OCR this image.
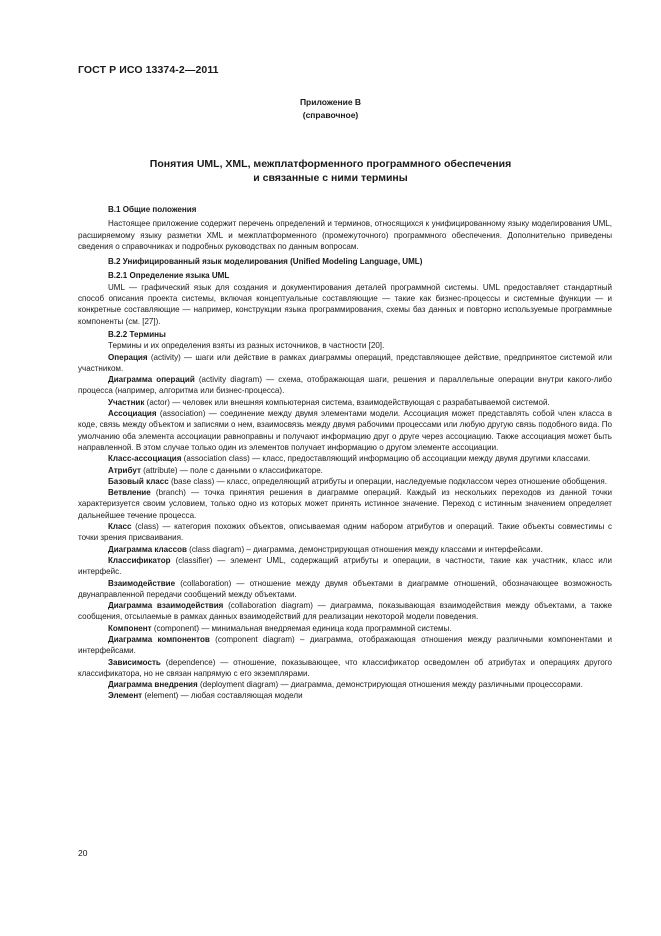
ГОСТ Р ИСО 13374-2—2011
Приложение В
(справочное)
Понятия UML, XML, межплатформенного программного обеспечения
и связанные с ними термины

В.1 Общие положения

Настоящее приложение содержит перечень определений и терминов, относящихся к унифицированному языку моделирования UML, расширяемому языку разметки XML и межплатформенного (промежуточного) программного обеспечения. Дополнительно приведены сведения о справочниках и подробных руководствах по данным вопросам.

В.2 Унифицированный язык моделирования (Unified Modeling Language, UML)

В.2.1 Определение языка UML

UML — графический язык для создания и документирования деталей программной системы. UML предоставляет стандартный способ описания проекта системы, включая концептуальные составляющие — такие как бизнес-процессы и системные функции — и конкретные составляющие — например, конструкции языка программирования, схемы баз данных и повторно используемые программные компоненты (см. [27]).

В.2.2 Термины

Термины и их определения взяты из разных источников, в частности [20].

Операция (activity) — шаги или действие в рамках диаграммы операций, представляющее действие, предпринятое системой или участником.

Диаграмма операций (activity diagram) — схема, отображающая шаги, решения и параллельные операции внутри какого-либо процесса (например, алгоритма или бизнес-процесса).

Участник (actor) — человек или внешняя компьютерная система, взаимодействующая с разрабатываемой системой.

Ассоциация (association) — соединение между двумя элементами модели. Ассоциация может представлять собой член класса в коде, связь между объектом и записями о нем, взаимосвязь между двумя рабочими процессами или любую другую связь подобного вида. По умолчанию оба элемента ассоциации равноправны и получают информацию друг о друге через ассоциацию. Также ассоциация может быть направленной. В этом случае только один из элементов получает информацию о другом элементе ассоциации.

Класс-ассоциация (association class) — класс, предоставляющий информацию об ассоциации между двумя другими классами.

Атрибут (attribute) — поле с данными о классификаторе.

Базовый класс (base class) — класс, определяющий атрибуты и операции, наследуемые подклассом через отношение обобщения.

Ветвление (branch) — точка принятия решения в диаграмме операций. Каждый из нескольких переходов из данной точки характеризуется своим условием, только одно из которых может принять истинное значение. Переход с истинным значением определяет дальнейшее течение процесса.

Класс (class) — категория похожих объектов, описываемая одним набором атрибутов и операций. Такие объекты совместимы с точки зрения присваивания.

Диаграмма классов (class diagram) – диаграмма, демонстрирующая отношения между классами и интерфейсами.

Классификатор (classifier) — элемент UML, содержащий атрибуты и операции, в частности, такие как участник, класс или интерфейс.

Взаимодействие (collaboration) — отношение между двумя объектами в диаграмме отношений, обозначающее возможность двунаправленной передачи сообщений между объектами.

Диаграмма взаимодействия (collaboration diagram) — диаграмма, показывающая взаимодействия между объектами, а также сообщения, отсылаемые в рамках данных взаимодействий для реализации некоторой модели поведения.

Компонент (component) — минимальная внедряемая единица кода программной системы.

Диаграмма компонентов (component diagram) – диаграмма, отображающая отношения между различными компонентами и интерфейсами.

Зависимость (dependence) — отношение, показывающее, что классификатор осведомлен об атрибутах и операциях другого классификатора, но не связан напрямую с его экземплярами.

Диаграмма внедрения (deployment diagram) — диаграмма, демонстрирующая отношения между различными процессорами.

Элемент (element) — любая составляющая модели

20
